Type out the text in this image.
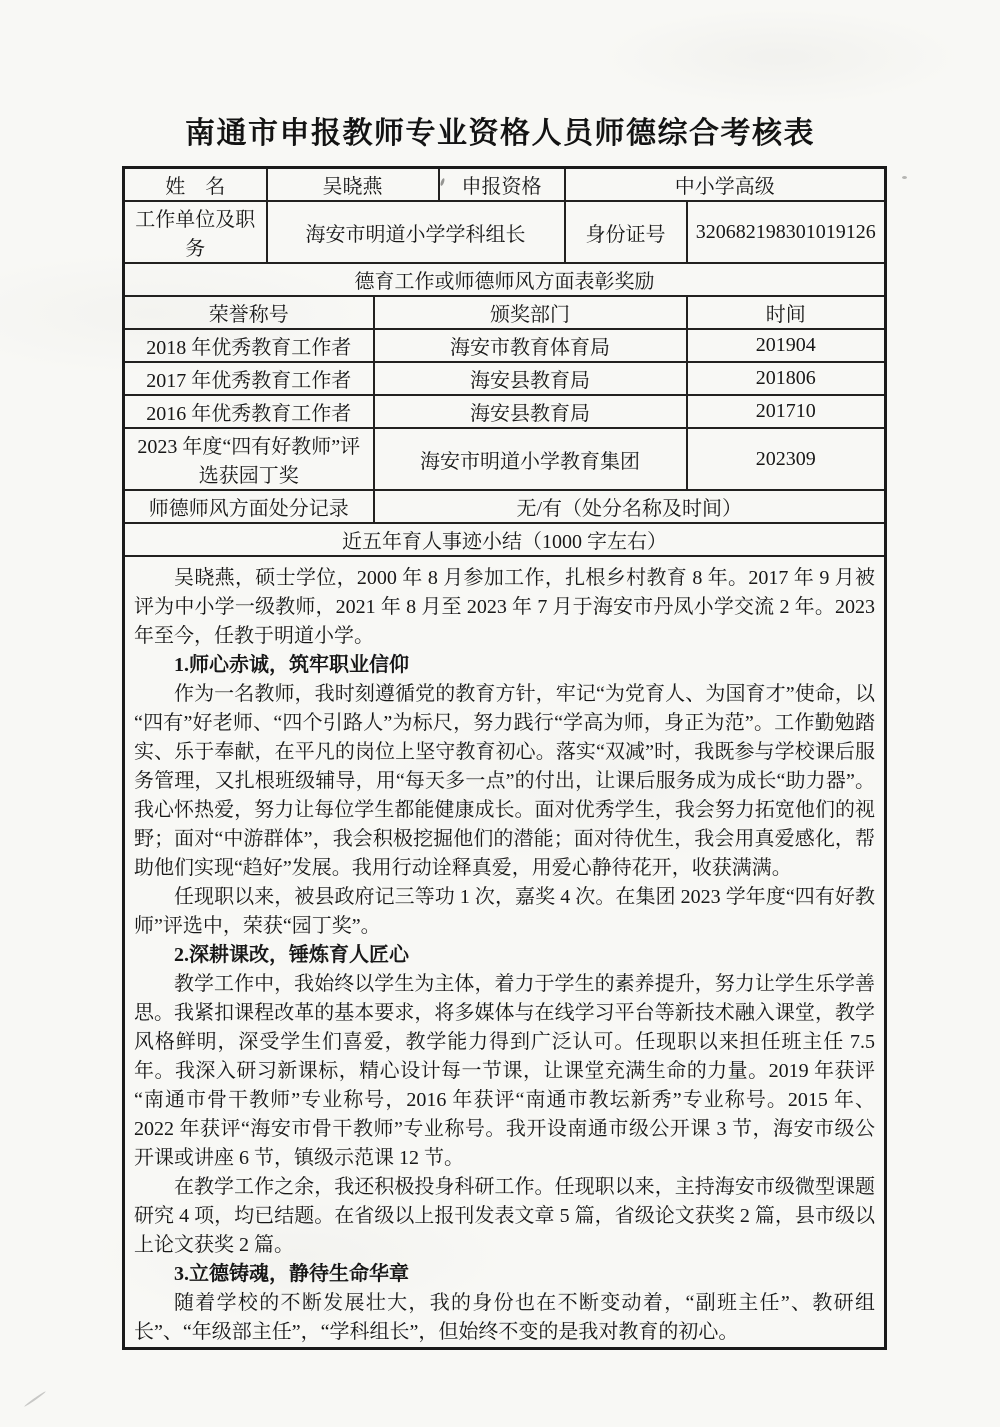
南通市申报教师专业资格人员师德综合考核表
姓　名	吴晓燕		申报资格	中小学高级	
工作单位及职务	海安市明道小学学科组长			身份证号	320682198301019126
德育工作或师德师风方面表彰奖励					
荣誉称号		颁奖部门			时间
2018 年优秀教育工作者		海安市教育体育局			201904
2017 年优秀教育工作者		海安县教育局			201806
2016 年优秀教育工作者		海安县教育局			201710
2023 年度“四有好教师”评选获园丁奖		海安市明道小学教育集团			202309
师德师风方面处分记录		无/有（处分名称及时间）			
近五年育人事迹小结（1000 字左右）					

吴晓燕，硕士学位，2000 年 8 月参加工作，扎根乡村教育 8 年。2017 年 9 月被评为中小学一级教师，2021 年 8 月至 2023 年 7 月于海安市丹凤小学交流 2 年。2023 年至今，任教于明道小学。

1.师心赤诚，筑牢职业信仰

作为一名教师，我时刻遵循党的教育方针，牢记“为党育人、为国育才”使命，以“四有”好老师、“四个引路人”为标尺，努力践行“学高为师，身正为范”。工作勤勉踏实、乐于奉献，在平凡的岗位上坚守教育初心。落实“双减”时，我既参与学校课后服务管理，又扎根班级辅导，用“每天多一点”的付出，让课后服务成为成长“助力器”。我心怀热爱，努力让每位学生都能健康成长。面对优秀学生，我会努力拓宽他们的视野；面对“中游群体”，我会积极挖掘他们的潜能；面对待优生，我会用真爱感化，帮助他们实现“趋好”发展。我用行动诠释真爱，用爱心静待花开，收获满满。

任现职以来，被县政府记三等功 1 次，嘉奖 4 次。在集团 2023 学年度“四有好教师”评选中，荣获“园丁奖”。

2.深耕课改，锤炼育人匠心

教学工作中，我始终以学生为主体，着力于学生的素养提升，努力让学生乐学善思。我紧扣课程改革的基本要求，将多媒体与在线学习平台等新技术融入课堂，教学风格鲜明，深受学生们喜爱，教学能力得到广泛认可。任现职以来担任班主任 7.5 年。我深入研习新课标，精心设计每一节课，让课堂充满生命的力量。2019 年获评“南通市骨干教师”专业称号，2016 年获评“南通市教坛新秀”专业称号。2015 年、2022 年获评“海安市骨干教师”专业称号。我开设南通市级公开课 3 节，海安市级公开课或讲座 6 节，镇级示范课 12 节。

在教学工作之余，我还积极投身科研工作。任现职以来，主持海安市级微型课题研究 4 项，均已结题。在省级以上报刊发表文章 5 篇，省级论文获奖 2 篇，县市级以上论文获奖 2 篇。

3.立德铸魂，静待生命华章

随着学校的不断发展壮大，我的身份也在不断变动着，“副班主任”、教研组长”、“年级部主任”，“学科组长”，但始终不变的是我对教育的初心。
